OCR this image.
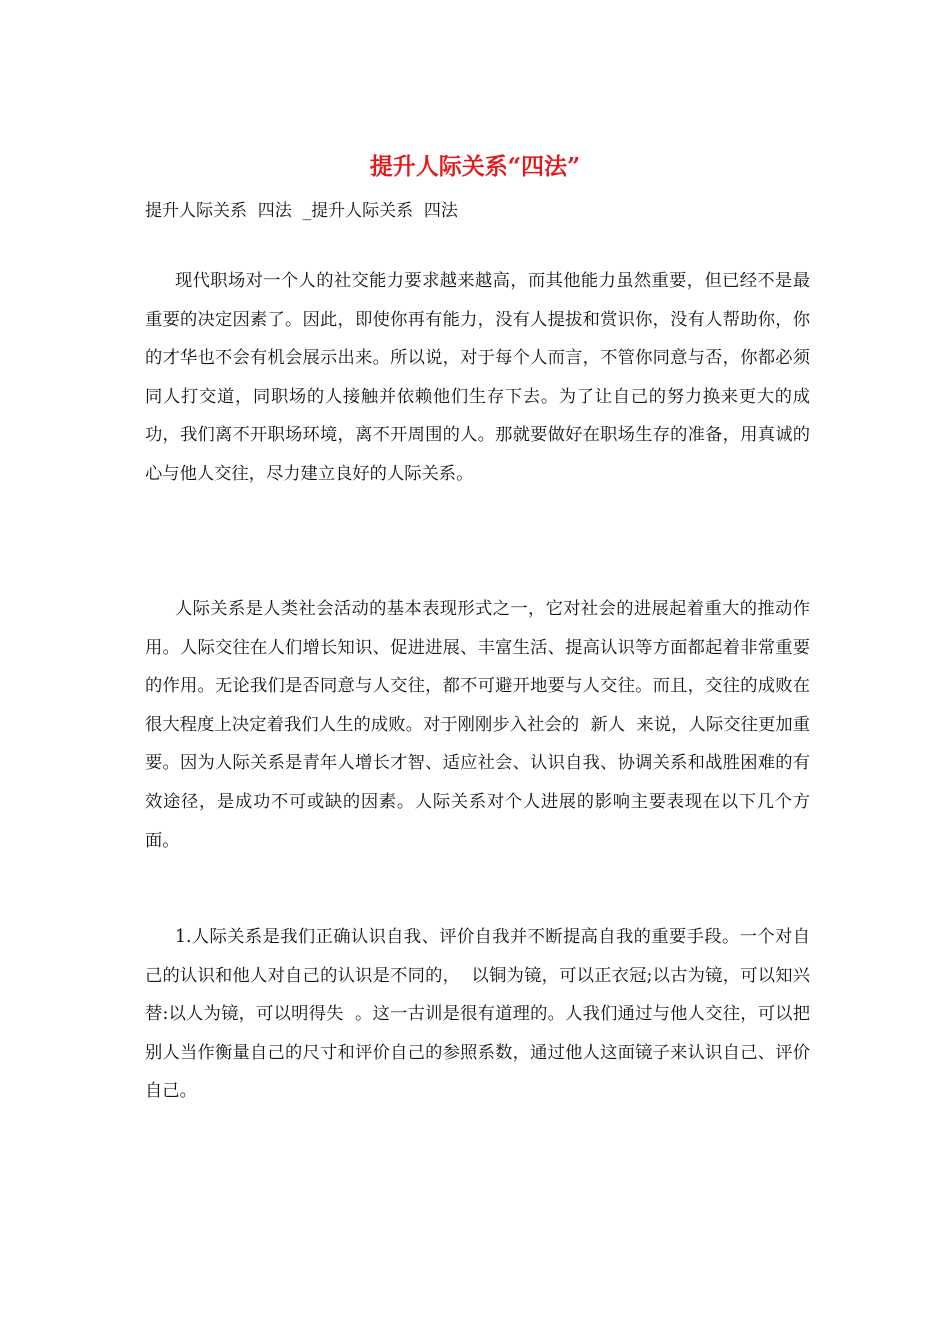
提升人际关系“四法”

提升人际关系  四法  _提升人际关系  四法

现代职场对一个人的社交能力要求越来越高，而其他能力虽然重要，但已经不是最重要的决定因素了。因此，即使你再有能力，没有人提拔和赏识你，没有人帮助你，你的才华也不会有机会展示出来。所以说，对于每个人而言，不管你同意与否，你都必须同人打交道，同职场的人接触并依赖他们生存下去。为了让自己的努力换来更大的成功，我们离不开职场环境，离不开周围的人。那就要做好在职场生存的准备，用真诚的心与他人交往，尽力建立良好的人际关系。

人际关系是人类社会活动的基本表现形式之一，它对社会的进展起着重大的推动作用。人际交往在人们增长知识、促进进展、丰富生活、提高认识等方面都起着非常重要的作用。无论我们是否同意与人交往，都不可避开地要与人交往。而且，交往的成败在很大程度上决定着我们人生的成败。对于刚刚步入社会的  新人  来说，人际交往更加重要。因为人际关系是青年人增长才智、适应社会、认识自我、协调关系和战胜困难的有效途径，是成功不可或缺的因素。人际关系对个人进展的影响主要表现在以下几个方面。

1.人际关系是我们正确认识自我、评价自我并不断提高自我的重要手段。一个对自己的认识和他人对自己的认识是不同的，  以铜为镜，可以正衣冠;以古为镜，可以知兴替:以人为镜，可以明得失  。这一古训是很有道理的。人我们通过与他人交往，可以把别人当作衡量自己的尺寸和评价自己的参照系数，通过他人这面镜子来认识自己、评价自己。
